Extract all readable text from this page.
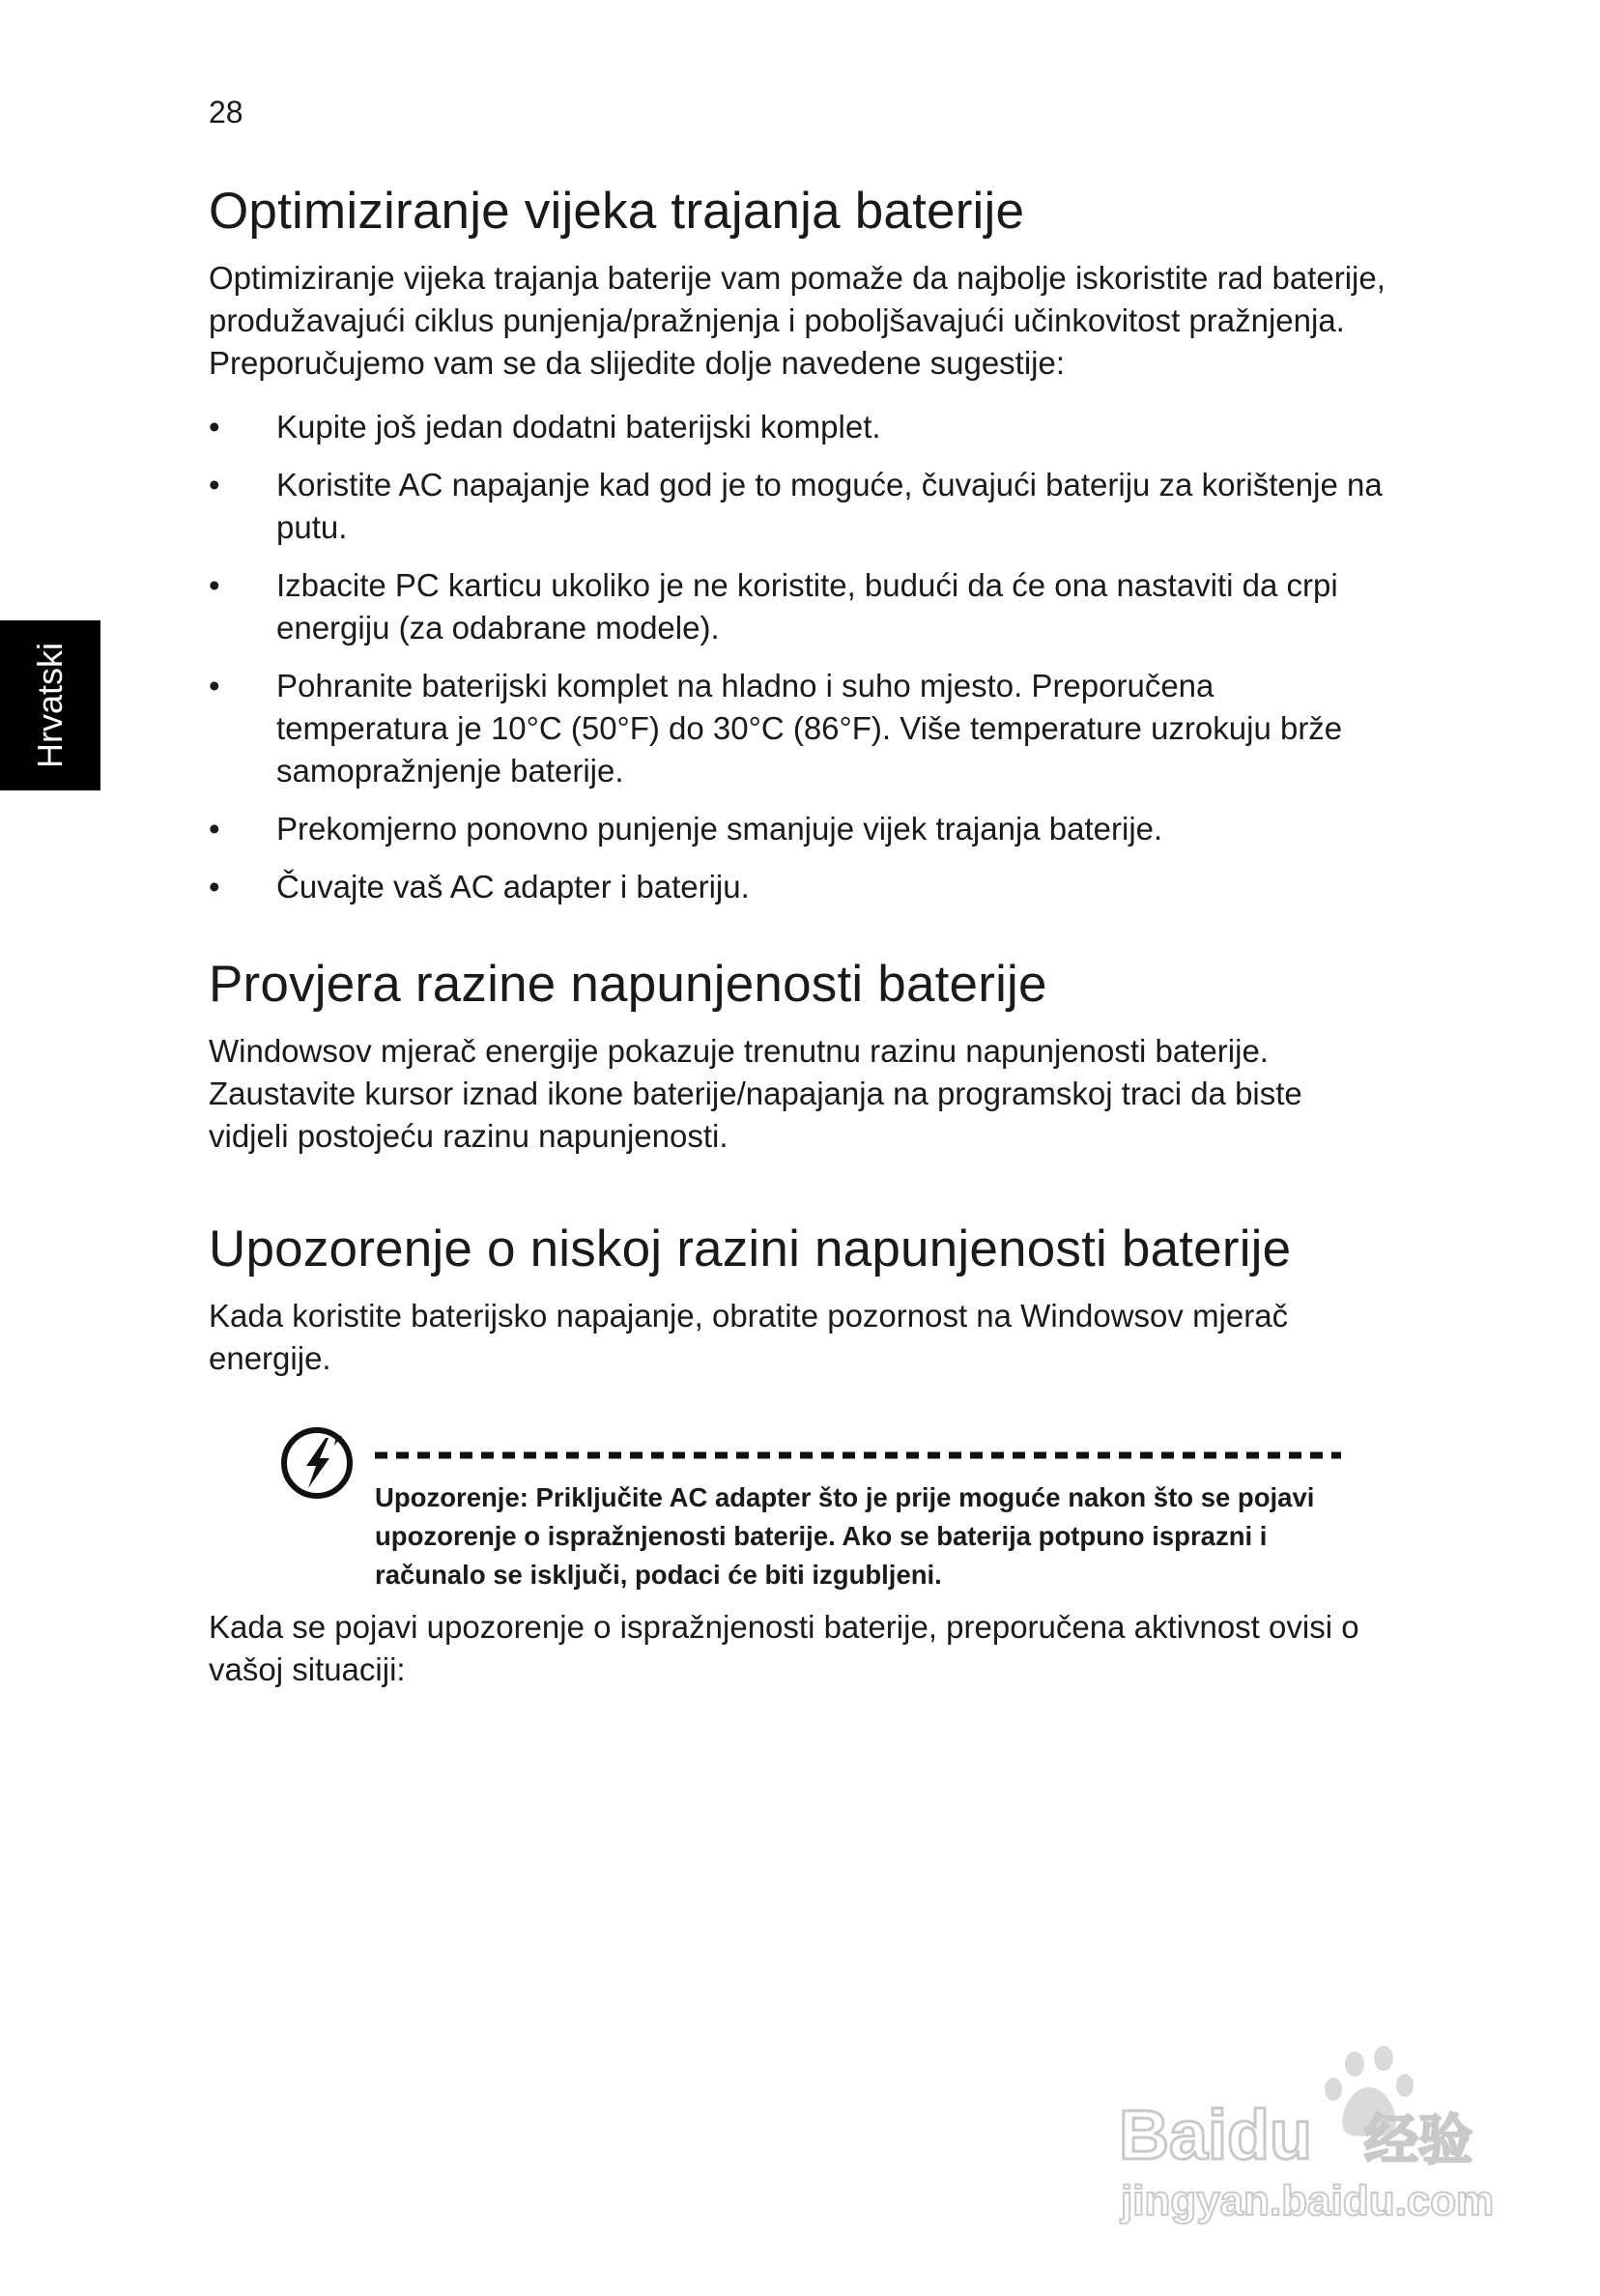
28
Hrvatski
Optimiziranje vijeka trajanja baterije

Optimiziranje vijeka trajanja baterije vam pomaže da najbolje iskoristite rad baterije, produžavajući ciklus punjenja/pražnjenja i poboljšavajući učinkovitost pražnjenja. Preporučujemo vam se da slijedite dolje navedene sugestije:

• Kupite još jedan dodatni baterijski komplet.
• Koristite AC napajanje kad god je to moguće, čuvajući bateriju za korištenje na putu.
• Izbacite PC karticu ukoliko je ne koristite, budući da će ona nastaviti da crpi energiju (za odabrane modele).
• Pohranite baterijski komplet na hladno i suho mjesto. Preporučena temperatura je 10°C (50°F) do 30°C (86°F). Više temperature uzrokuju brže samopražnjenje baterije.
• Prekomjerno ponovno punjenje smanjuje vijek trajanja baterije.
• Čuvajte vaš AC adapter i bateriju.
Provjera razine napunjenosti baterije

Windowsov mjerač energije pokazuje trenutnu razinu napunjenosti baterije. Zaustavite kursor iznad ikone baterije/napajanja na programskoj traci da biste vidjeli postojeću razinu napunjenosti.

Upozorenje o niskoj razini napunjenosti baterije

Kada koristite baterijsko napajanje, obratite pozornost na Windowsov mjerač energije.

Upozorenje: Priključite AC adapter što je prije moguće nakon što se pojavi upozorenje o ispražnjenosti baterije. Ako se baterija potpuno isprazni i računalo se isključi, podaci će biti izgubljeni.

Kada se pojavi upozorenje o ispražnjenosti baterije, preporučena aktivnost ovisi o vašoj situaciji:

Baidu 经验
jingyan.baidu.com
